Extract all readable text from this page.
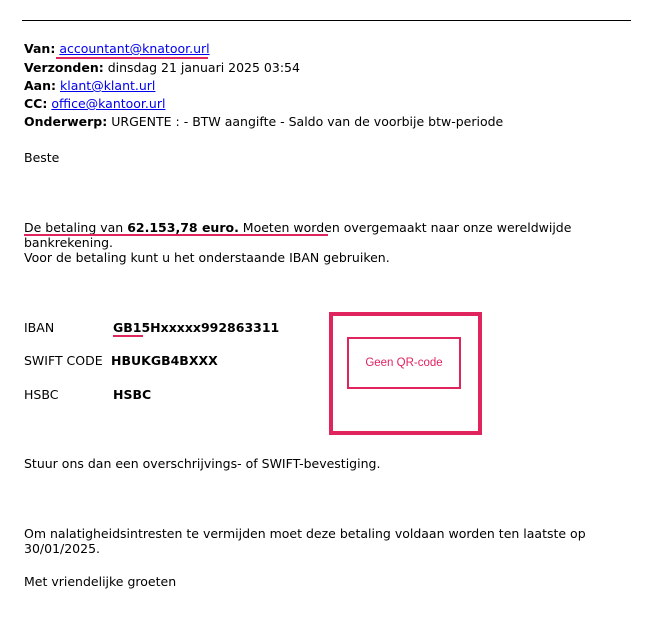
Van: accountant@knatoor.url
Verzonden: dinsdag 21 januari 2025 03:54
Aan: klant@klant.url
CC: office@kantoor.url
Onderwerp: URGENTE : - BTW aangifte - Saldo van de voorbije btw-periode
Beste
De betaling van 62.153,78 euro. Moeten worden overgemaakt naar onze wereldwijde
bankrekening.
Voor de betaling kunt u het onderstaande IBAN gebruiken.
IBAN	GB15Hxxxxx992863311
SWIFT CODE HBUKGB4BXXX
HSBC	HSBC
Geen QR-code
Stuur ons dan een overschrijvings- of SWIFT-bevestiging.
Om nalatigheidsintresten te vermijden moet deze betaling voldaan worden ten laatste op
30/01/2025.
Met vriendelijke groeten
